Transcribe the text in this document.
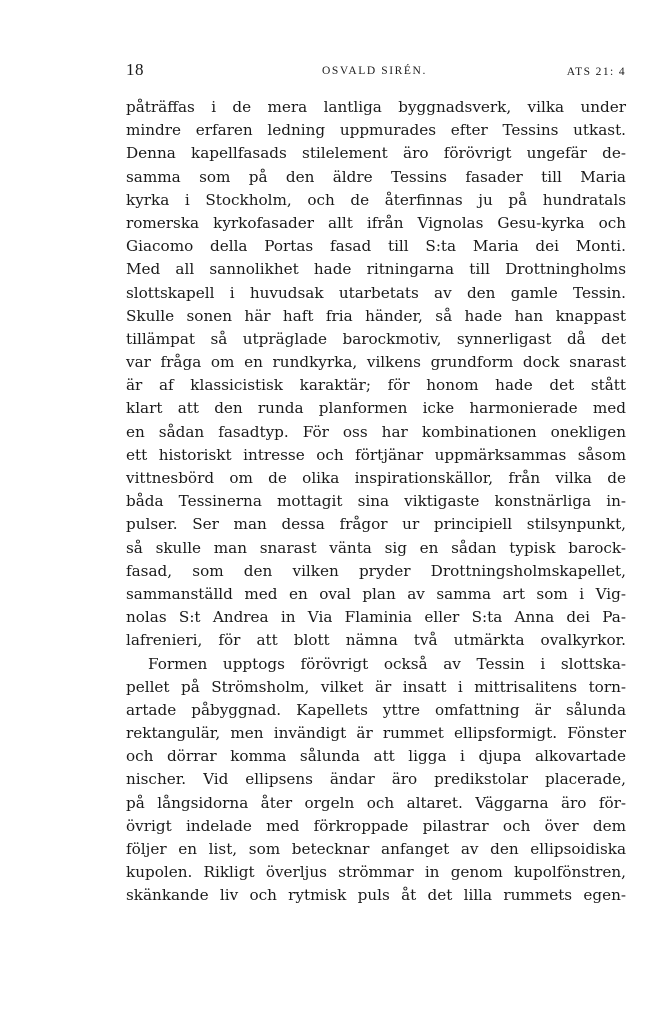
18	OSVALD SIRÉN.	ATS 21: 4
påträffas i de mera lantliga byggnadsverk, vilka under
mindre erfaren ledning uppmurades efter Tessins utkast.
Denna kapellfasads stilelement äro förövrigt ungefär de-
samma som på den äldre Tessins fasader till Maria
kyrka i Stockholm, och de återfinnas ju på hundratals
romerska kyrkofasader allt ifrån Vignolas Gesu-kyrka och
Giacomo della Portas fasad till S:ta Maria dei Monti.
Med all sannolikhet hade ritningarna till Drottningholms
slottskapell i huvudsak utarbetats av den gamle Tessin.
Skulle sonen här haft fria händer, så hade han knappast
tillämpat så utpräglade barockmotiv, synnerligast då det
var fråga om en rundkyrka, vilkens grundform dock snarast
är af klassicistisk karaktär; för honom hade det stått
klart att den runda planformen icke harmonierade med
en sådan fasadtyp. För oss har kombinationen onekligen
ett historiskt intresse och förtjänar uppmärksammas såsom
vittnesbörd om de olika inspirationskällor, från vilka de
båda Tessinerna mottagit sina viktigaste konstnärliga in-
pulser. Ser man dessa frågor ur principiell stilsynpunkt,
så skulle man snarast vänta sig en sådan typisk barock-
fasad, som den vilken pryder Drottningsholmskapellet,
sammanställd med en oval plan av samma art som i Vig-
nolas S:t Andrea in Via Flaminia eller S:ta Anna dei Pa-
lafrenieri, för att blott nämna två utmärkta ovalkyrkor.
Formen upptogs förövrigt också av Tessin i slottska-
pellet på Strömsholm, vilket är insatt i mittrisalitens torn-
artade påbyggnad. Kapellets yttre omfattning är sålunda
rektangulär, men invändigt är rummet ellipsformigt. Fönster
och dörrar komma sålunda att ligga i djupa alkovartade
nischer. Vid ellipsens ändar äro predikstolar placerade,
på långsidorna åter orgeln och altaret. Väggarna äro för-
övrigt indelade med förkroppade pilastrar och över dem
följer en list, som betecknar anfanget av den ellipsoidiska
kupolen. Rikligt överljus strömmar in genom kupolfönstren,
skänkande liv och rytmisk puls åt det lilla rummets egen-
